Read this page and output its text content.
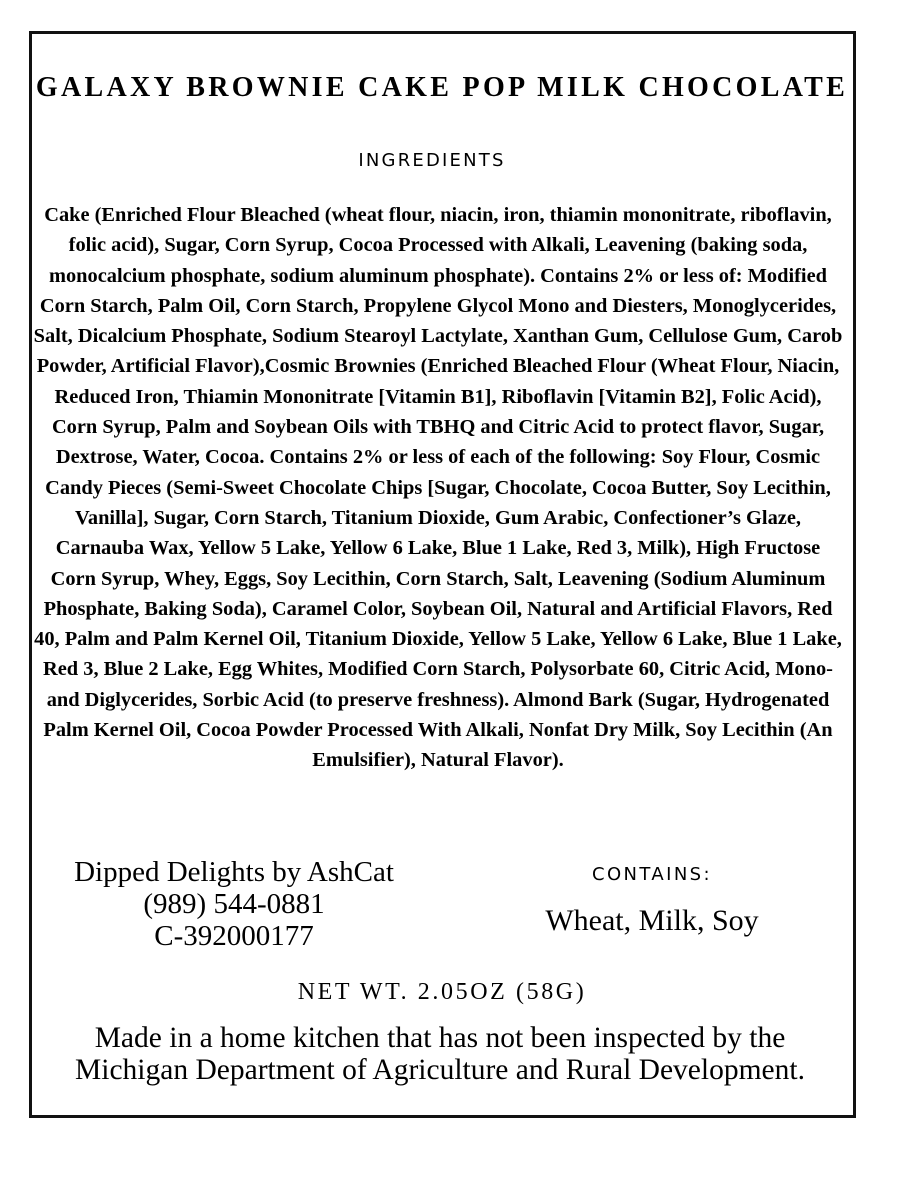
GALAXY BROWNIE CAKE POP MILK CHOCOLATE
INGREDIENTS
Cake (Enriched Flour Bleached (wheat flour, niacin, iron, thiamin mononitrate, riboflavin, folic acid), Sugar, Corn Syrup, Cocoa Processed with Alkali, Leavening (baking soda, monocalcium phosphate, sodium aluminum phosphate). Contains 2% or less of: Modified Corn Starch, Palm Oil, Corn Starch, Propylene Glycol Mono and Diesters, Monoglycerides, Salt, Dicalcium Phosphate, Sodium Stearoyl Lactylate, Xanthan Gum, Cellulose Gum, Carob Powder, Artificial Flavor),Cosmic Brownies (Enriched Bleached Flour (Wheat Flour, Niacin, Reduced Iron, Thiamin Mononitrate [Vitamin B1], Riboflavin [Vitamin B2], Folic Acid), Corn Syrup, Palm and Soybean Oils with TBHQ and Citric Acid to protect flavor, Sugar, Dextrose, Water, Cocoa. Contains 2% or less of each of the following: Soy Flour, Cosmic Candy Pieces (Semi-Sweet Chocolate Chips [Sugar, Chocolate, Cocoa Butter, Soy Lecithin, Vanilla], Sugar, Corn Starch, Titanium Dioxide, Gum Arabic, Confectioner’s Glaze, Carnauba Wax, Yellow 5 Lake, Yellow 6 Lake, Blue 1 Lake, Red 3, Milk), High Fructose Corn Syrup, Whey, Eggs, Soy Lecithin, Corn Starch, Salt, Leavening (Sodium Aluminum Phosphate, Baking Soda), Caramel Color, Soybean Oil, Natural and Artificial Flavors, Red 40, Palm and Palm Kernel Oil, Titanium Dioxide, Yellow 5 Lake, Yellow 6 Lake, Blue 1 Lake, Red 3, Blue 2 Lake, Egg Whites, Modified Corn Starch, Polysorbate 60, Citric Acid, Mono- and Diglycerides, Sorbic Acid (to preserve freshness). Almond Bark (Sugar, Hydrogenated Palm Kernel Oil, Cocoa Powder Processed With Alkali, Nonfat Dry Milk, Soy Lecithin (An Emulsifier), Natural Flavor).
Dipped Delights by AshCat
(989) 544-0881
C-392000177
CONTAINS:
Wheat, Milk, Soy
NET WT. 2.05OZ (58G)
Made in a home kitchen that has not been inspected by the
Michigan Department of Agriculture and Rural Development.
